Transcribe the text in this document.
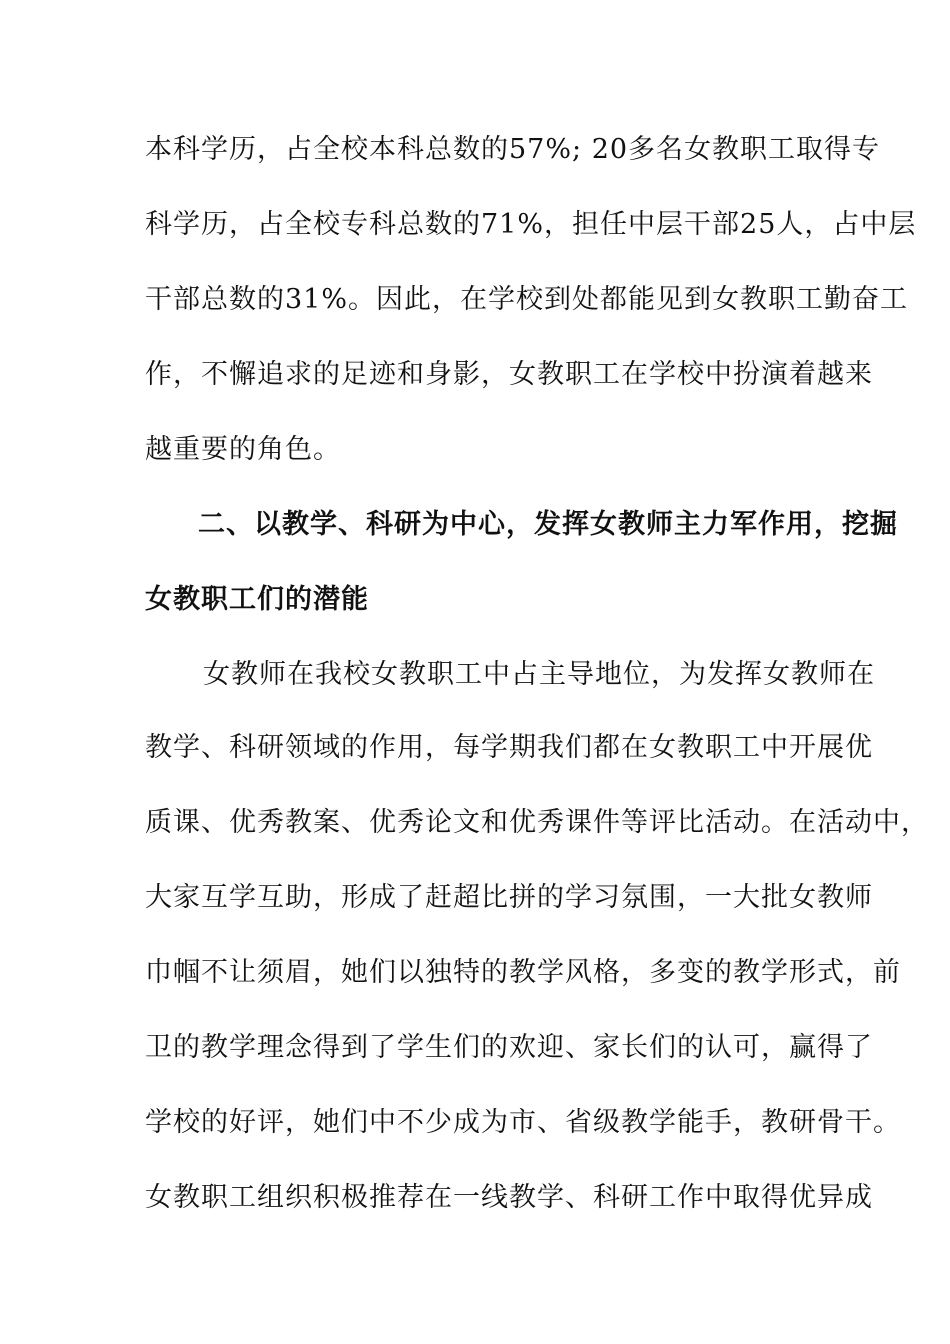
本科学历，占全校本科总数的57%; 20多名女教职工取得专
科学历，占全校专科总数的71%，担任中层干部25人，占中层
干部总数的31%。因此，在学校到处都能见到女教职工勤奋工
作，不懈追求的足迹和身影，女教职工在学校中扮演着越来
越重要的角色。
二、以教学、科研为中心，发挥女教师主力军作用，挖掘
女教职工们的潜能
女教师在我校女教职工中占主导地位，为发挥女教师在
教学、科研领域的作用，每学期我们都在女教职工中开展优
质课、优秀教案、优秀论文和优秀课件等评比活动。在活动中，
大家互学互助，形成了赶超比拼的学习氛围，一大批女教师
巾帼不让须眉，她们以独特的教学风格，多变的教学形式，前
卫的教学理念得到了学生们的欢迎、家长们的认可，赢得了
学校的好评，她们中不少成为市、省级教学能手，教研骨干。
女教职工组织积极推荐在一线教学、科研工作中取得优异成
